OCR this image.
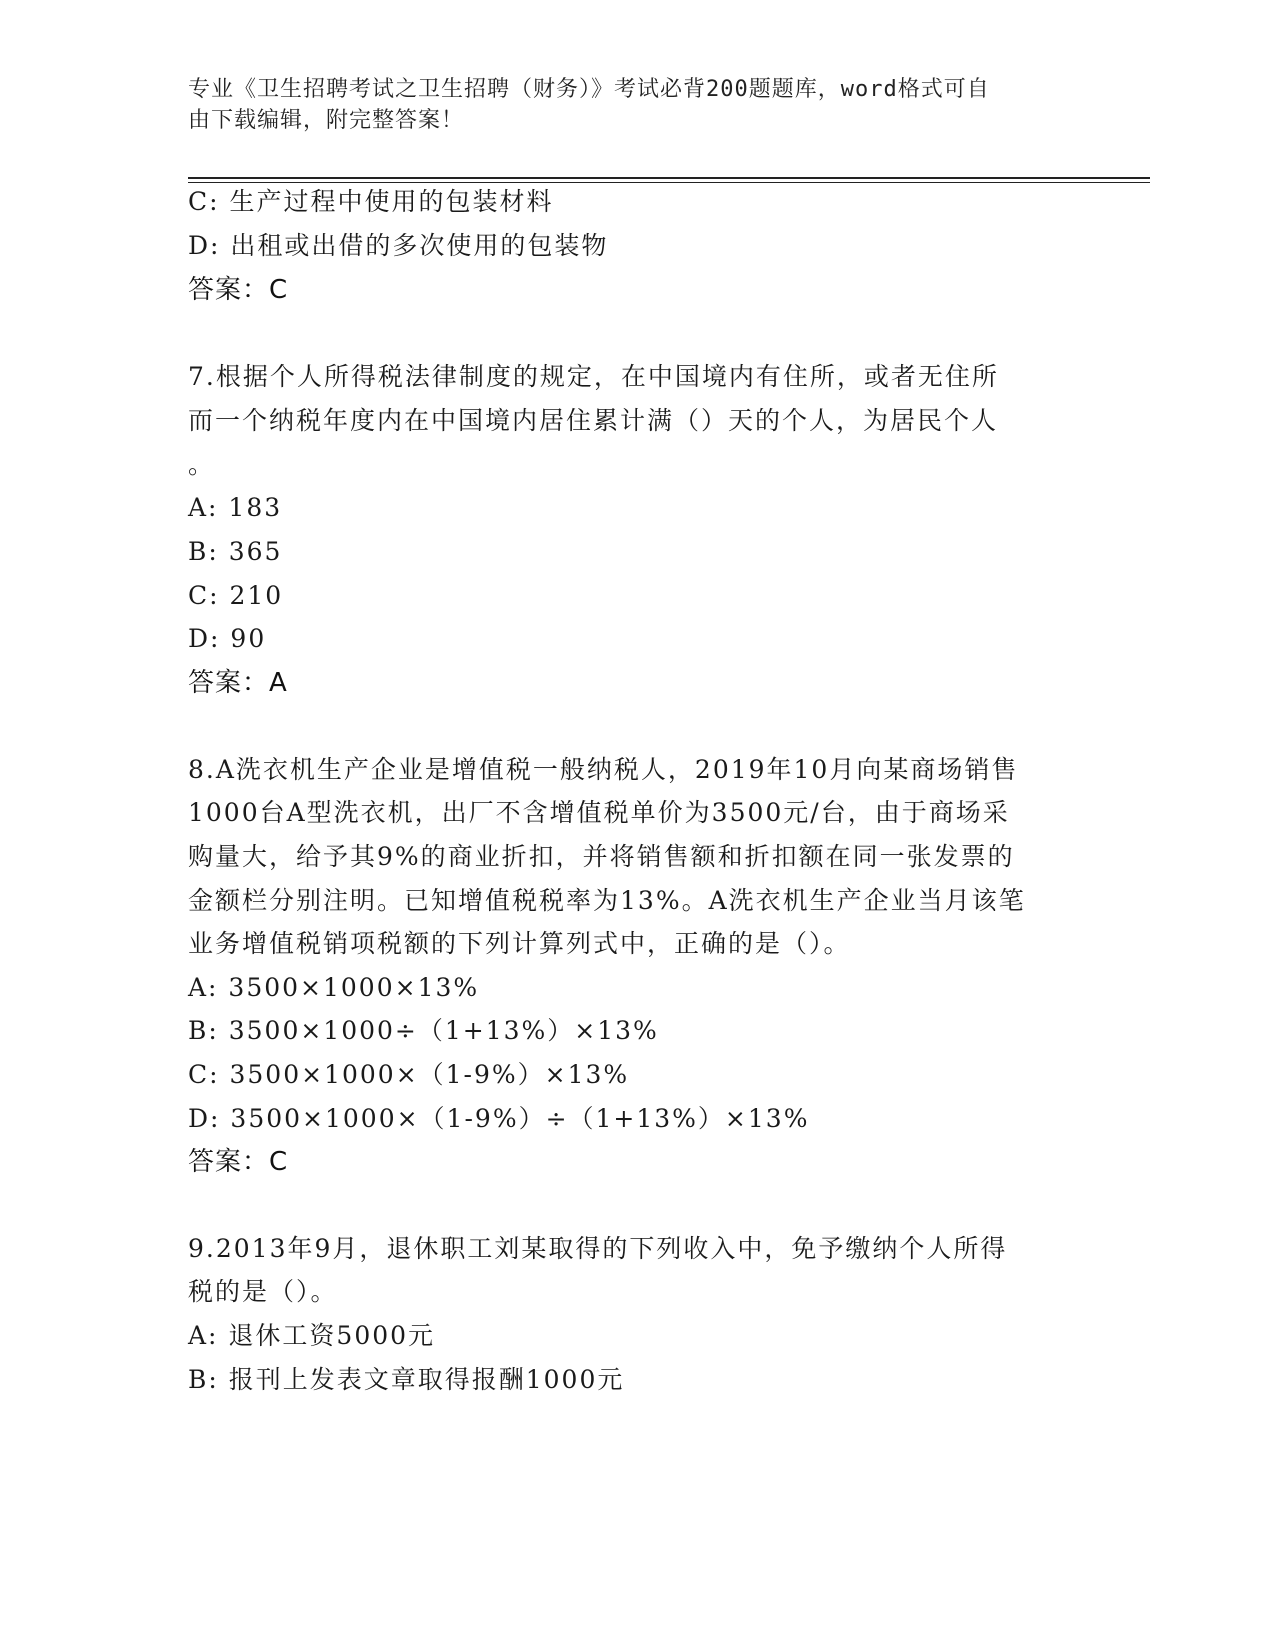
专业《卫生招聘考试之卫生招聘（财务）》考试必背200题题库，word格式可自
由下载编辑，附完整答案！
C: 生产过程中使用的包装材料
D: 出租或出借的多次使用的包装物
答案：C
7.根据个人所得税法律制度的规定，在中国境内有住所，或者无住所
而一个纳税年度内在中国境内居住累计满（）天的个人，为居民个人
。
A: 183
B: 365
C: 210
D: 90
答案：A
8.A洗衣机生产企业是增值税一般纳税人，2019年10月向某商场销售
1000台A型洗衣机，出厂不含增值税单价为3500元/台，由于商场采
购量大，给予其9%的商业折扣，并将销售额和折扣额在同一张发票的
金额栏分别注明。已知增值税税率为13%。A洗衣机生产企业当月该笔
业务增值税销项税额的下列计算列式中，正确的是（）。
A: 3500×1000×13%
B: 3500×1000÷（1+13%）×13%
C: 3500×1000×（1-9%）×13%
D: 3500×1000×（1-9%）÷（1+13%）×13%
答案：C
9.2013年9月，退休职工刘某取得的下列收入中，免予缴纳个人所得
税的是（）。
A: 退休工资5000元
B: 报刊上发表文章取得报酬1000元
